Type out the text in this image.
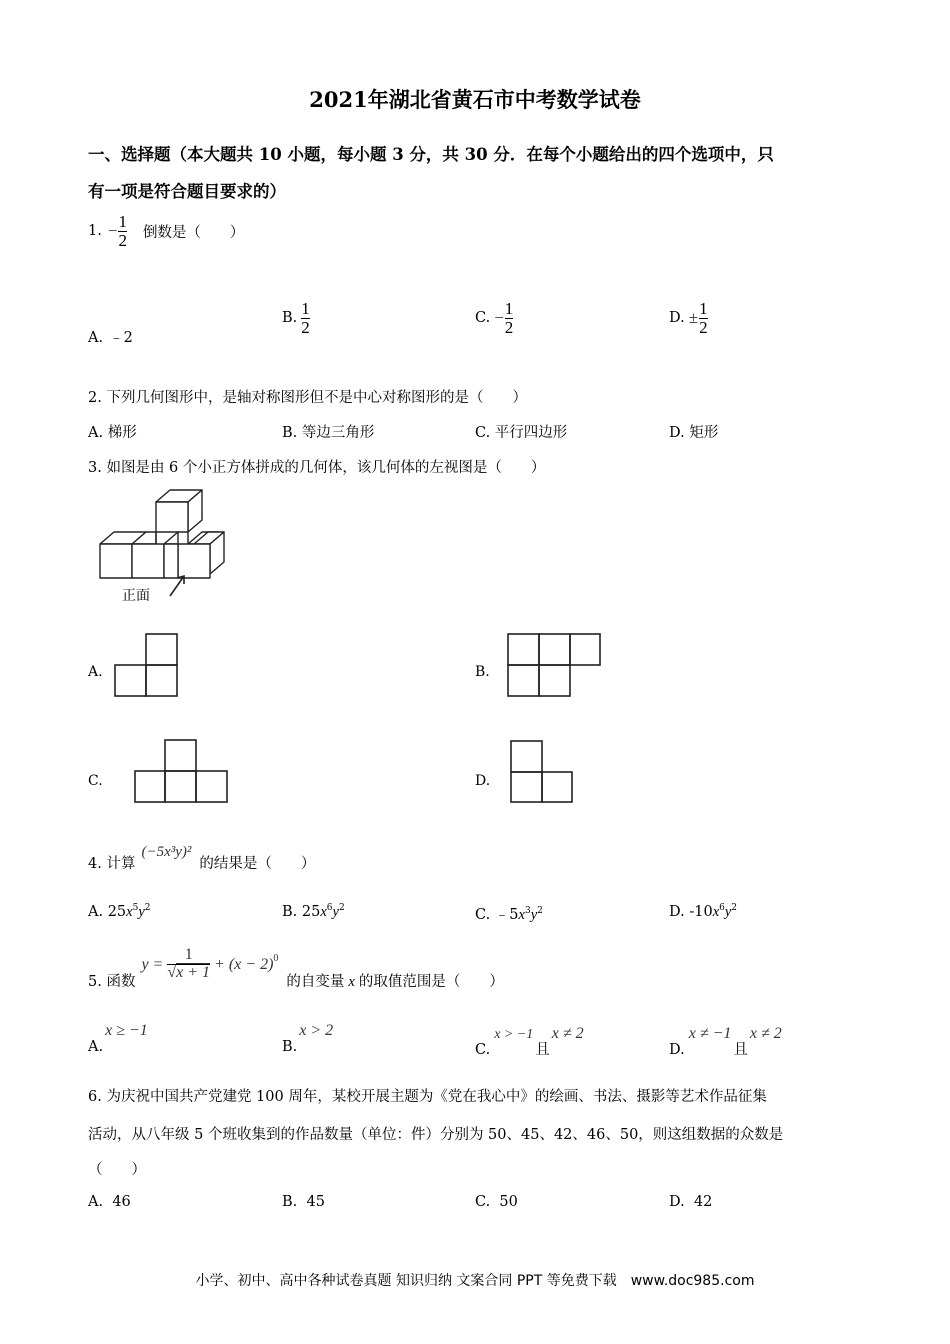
2021年湖北省黄石市中考数学试卷
一、选择题（本大题共 10 小题，每小题 3 分，共 30 分．在每个小题给出的四个选项中，只
有一项是符合题目要求的）
1. − $\frac{1}{2}$ 倒数是（　　）
A. ﹣2
B. $\frac{1}{2}$	C. − $\frac{1}{2}$	D. ± $\frac{1}{2}$
2. 下列几何图形中，是轴对称图形但不是中心对称图形的是（　　）
A. 梯形	B. 等边三角形	C. 平行四边形	D. 矩形
3. 如图是由 6 个小正方体拼成的几何体，该几何体的左视图是（　　）
正面
A.	B.
C.	D.
4. 计算
(−5x³y)²
的结果是（　　）
A. $25x^5y^2$	B. $25x^6y^2$	C. $﹣5x^3y^2$	D. $-10x^6y^2$
5. 函数
$y = \frac{1}{√x + 1} + (x - 2)^0$
的自变量 x 的取值范围是（　　）
A.x ≥ −1
B.x > 2
C.x > −1且x ≠ 2
D.x ≠ −1且x ≠ 2
6. 为庆祝中国共产党建党 100 周年，某校开展主题为《党在我心中》的绘画、书法、摄影等艺术作品征集
活动，从八年级 5 个班收集到的作品数量（单位：件）分别为 50、45、42、46、50，则这组数据的众数是
（　　）
A. 46	B. 45	C. 50	D. 42
小学、初中、高中各种试卷真题 知识归纳 文案合同 PPT 等免费下载　www.doc985.com
